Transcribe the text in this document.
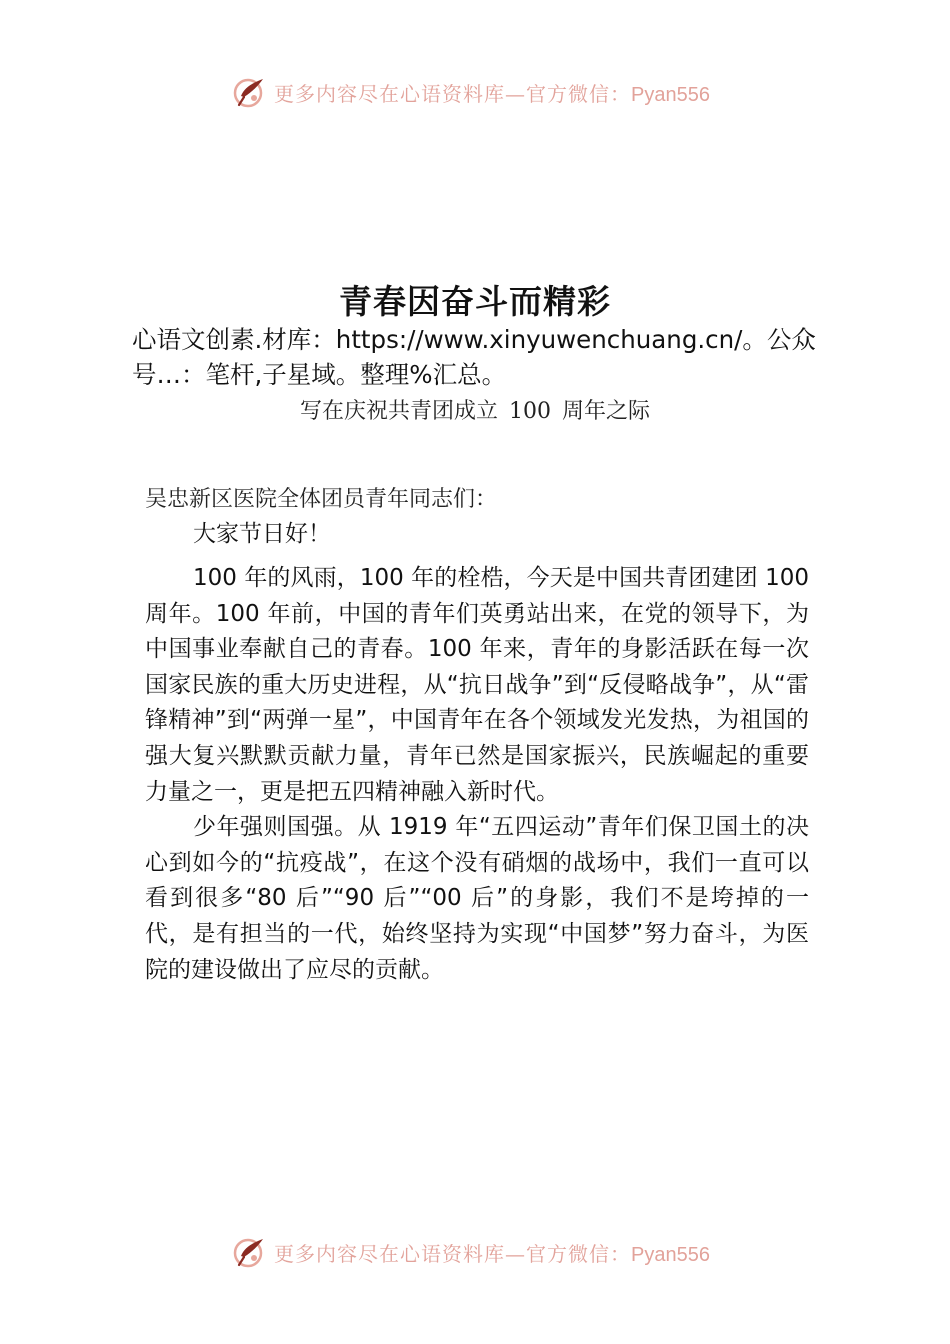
更多内容尽在心语资料库—官方微信：Pyan556
青春因奋斗而精彩
心语文创素.材库：https://www.xinyuwenchuang.cn/。公众号…：笔杆,子星域。整理%汇总。
写在庆祝共青团成立 100 周年之际
吴忠新区医院全体团员青年同志们：
大家节日好！

100 年的风雨，100 年的栓梏，今天是中国共青团建团 100 周年。100 年前，中国的青年们英勇站出来，在党的领导下，为中国事业奉献自己的青春。100 年来，青年的身影活跃在每一次国家民族的重大历史进程，从“抗日战争”到“反侵略战争”，从“雷锋精神”到“两弹一星”，中国青年在各个领域发光发热，为祖国的强大复兴默默贡献力量，青年已然是国家振兴，民族崛起的重要力量之一，更是把五四精神融入新时代。

少年强则国强。从 1919 年“五四运动”青年们保卫国土的决心到如今的“抗疫战”，在这个没有硝烟的战场中，我们一直可以看到很多“80 后”“90 后”“00 后”的身影，我们不是垮掉的一代，是有担当的一代，始终坚持为实现“中国梦”努力奋斗，为医院的建设做出了应尽的贡献。

更多内容尽在心语资料库—官方微信：Pyan556
